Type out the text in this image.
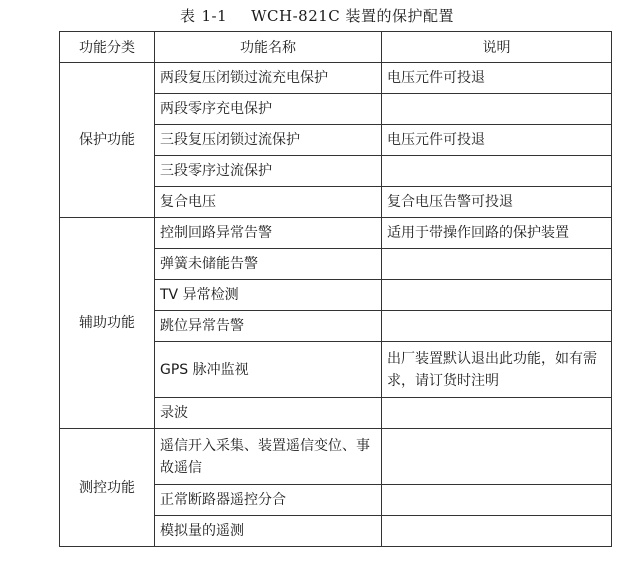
表 1-1 WCH-821C 装置的保护配置
功能分类	功能名称	说明
保护功能	两段复压闭锁过流充电保护	电压元件可投退
	两段零序充电保护	
	三段复压闭锁过流保护	电压元件可投退
	三段零序过流保护	
	复合电压	复合电压告警可投退
辅助功能	控制回路异常告警	适用于带操作回路的保护装置
	弹簧未储能告警	
	TV 异常检测	
	跳位异常告警	
	GPS 脉冲监视	出厂装置默认退出此功能，如有需求，请订货时注明
	录波	
测控功能	遥信开入采集、装置遥信变位、事故遥信	
	正常断路器遥控分合	
	模拟量的遥测	
